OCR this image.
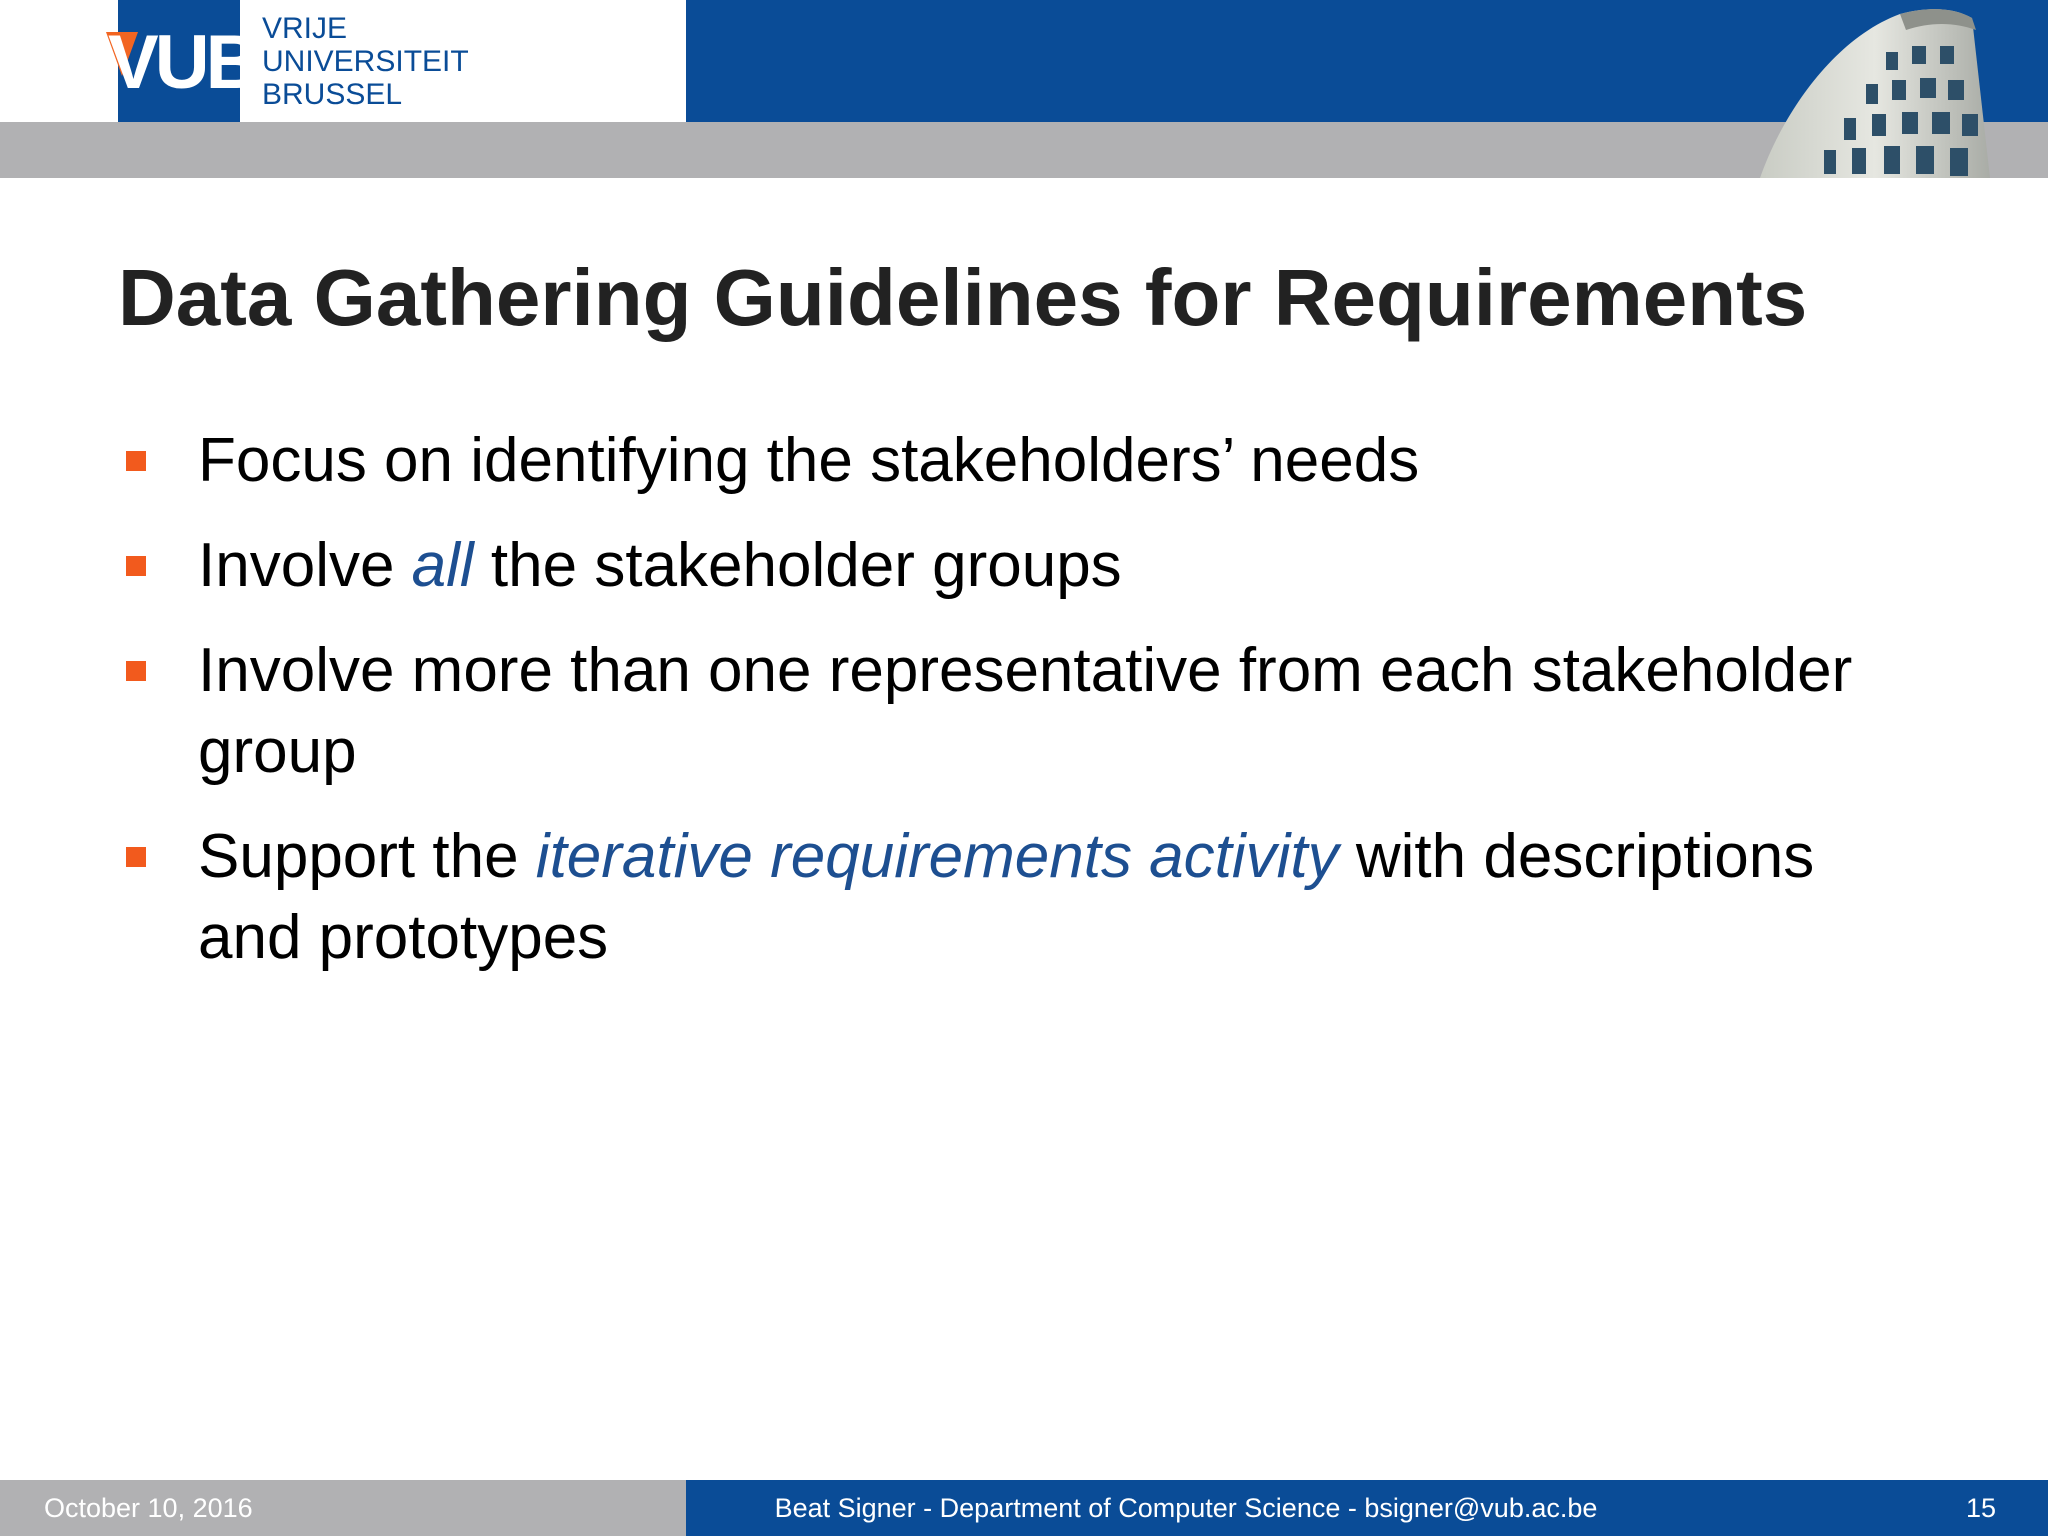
VUB VRIJE
UNIVERSITEIT
BRUSSEL
Data Gathering Guidelines for Requirements
Focus on identifying the stakeholders’ needs
Involve all the stakeholder groups
Involve more than one representative from each stakeholder group
Support the iterative requirements activity with descriptions and prototypes
October 10, 2016	Beat Signer - Department of Computer Science - bsigner@vub.ac.be	15
